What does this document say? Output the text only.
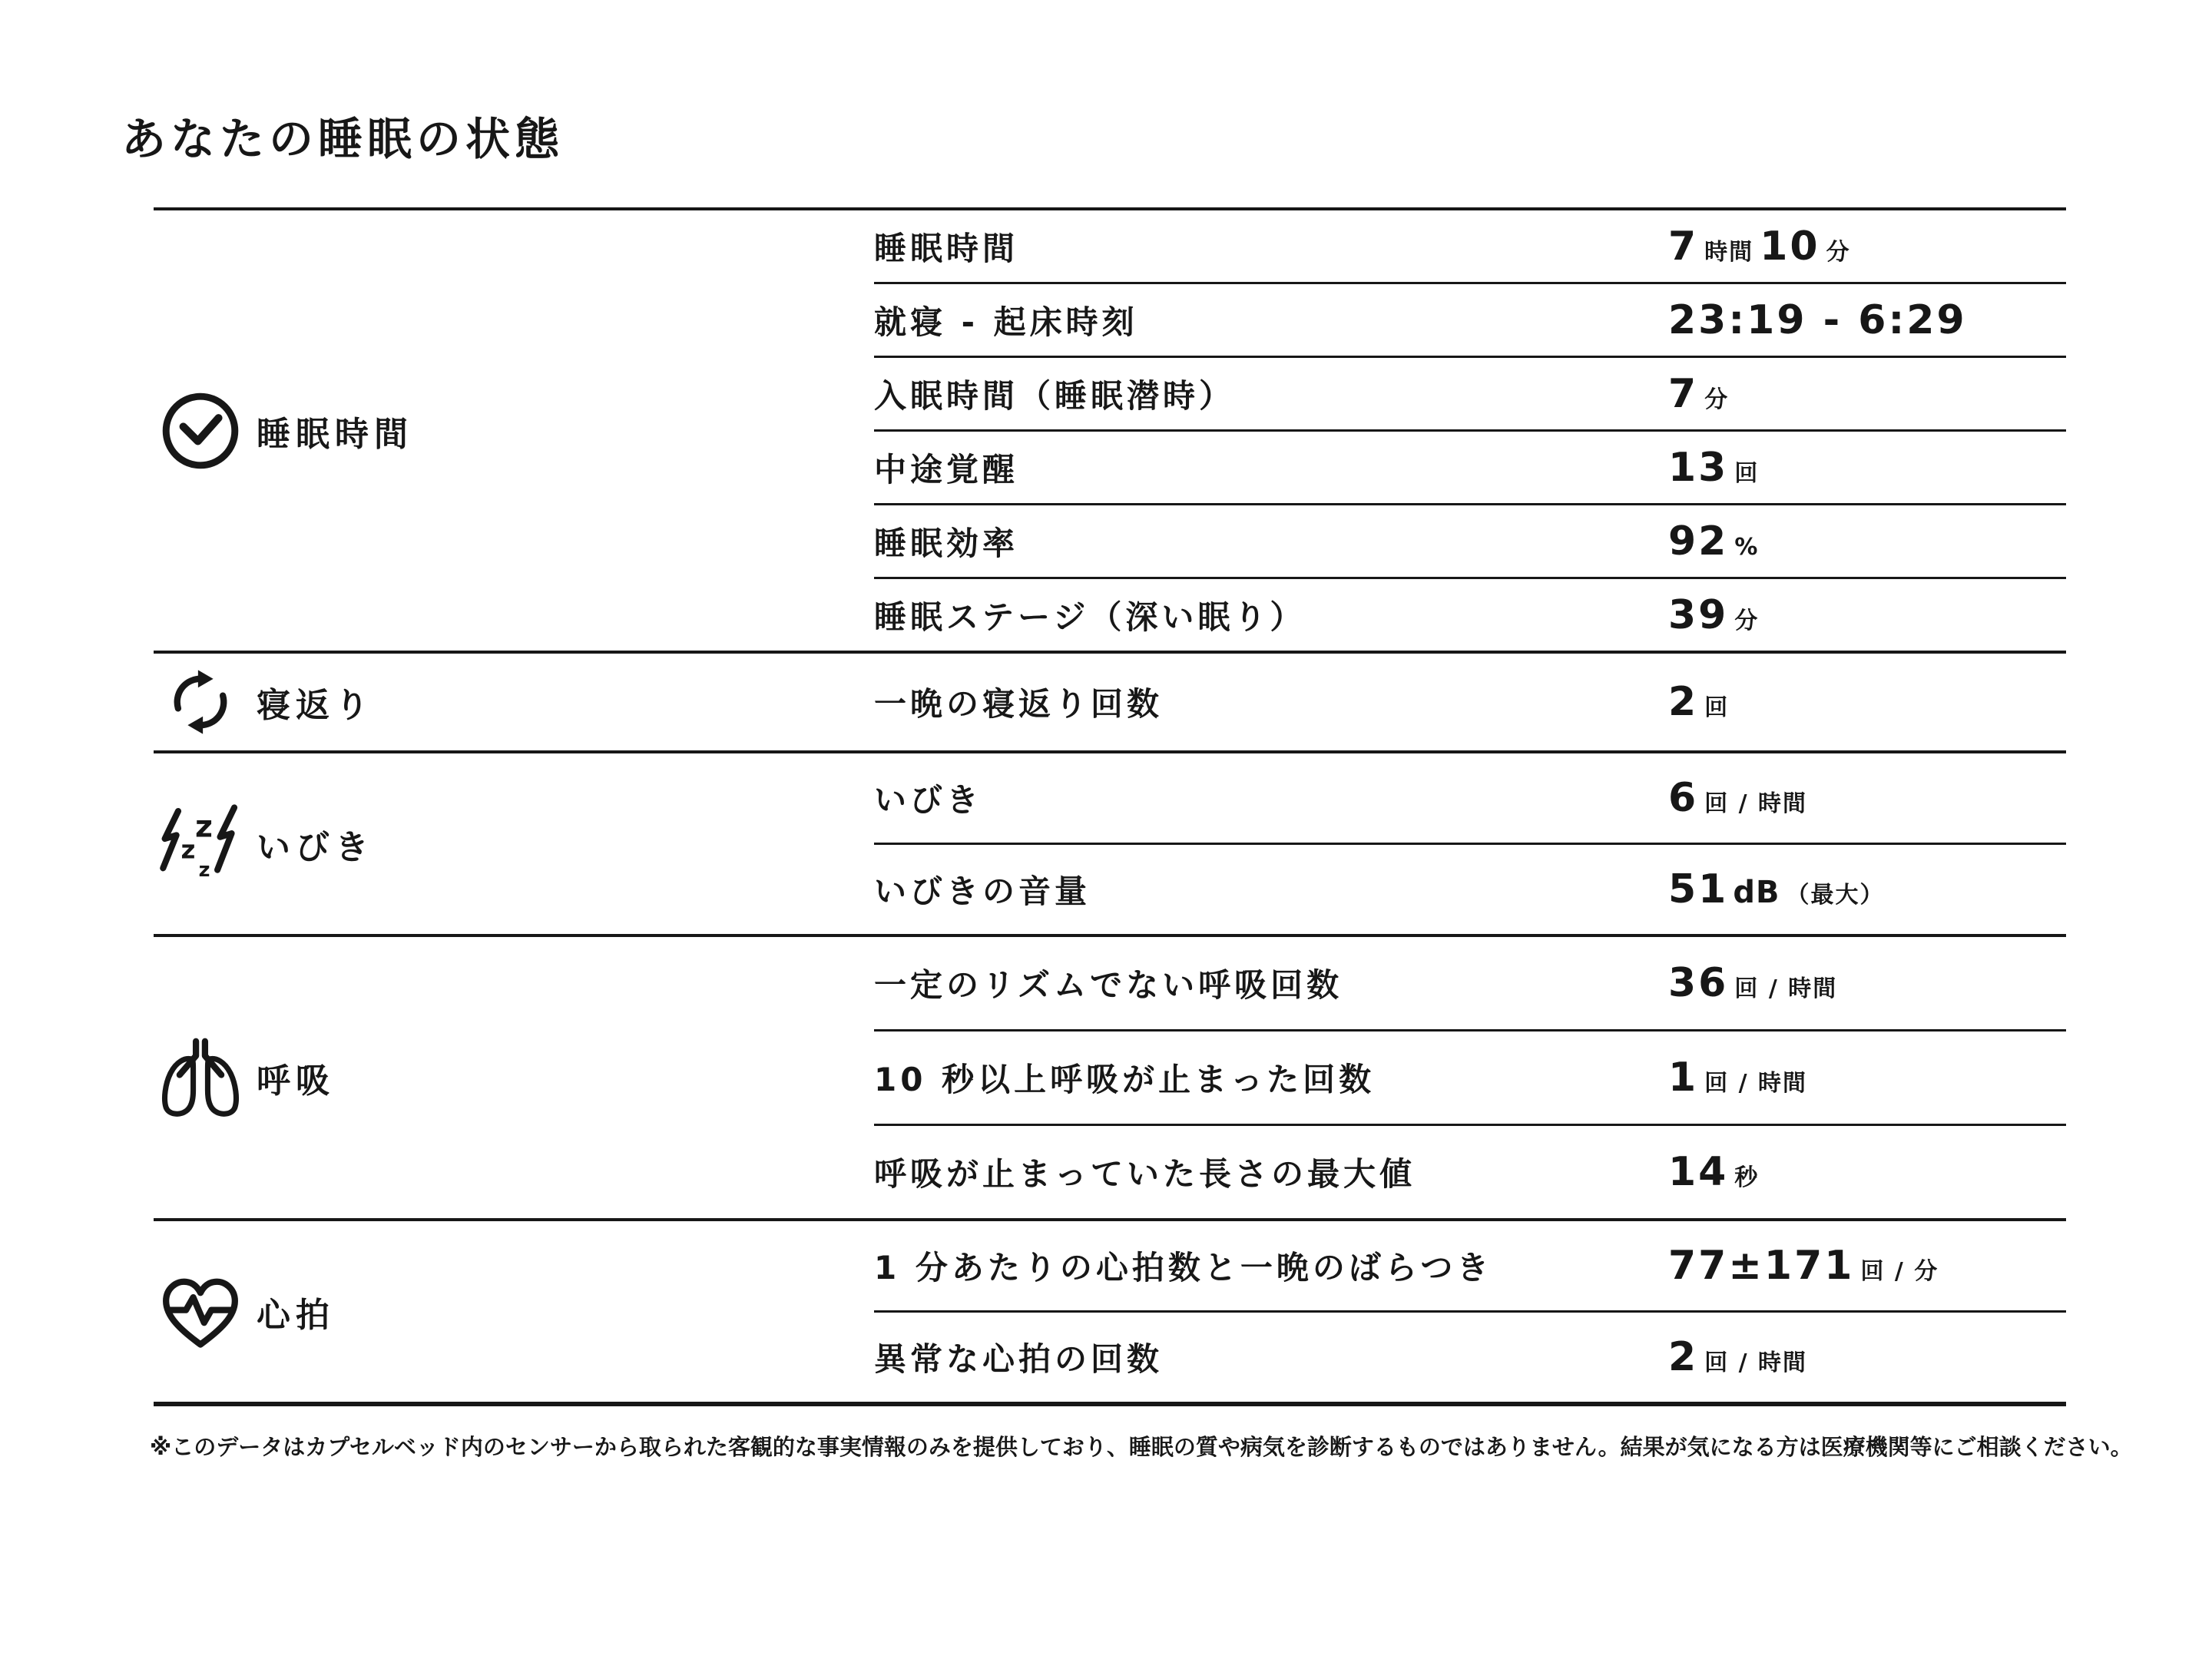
あなたの睡眠の状態
睡眠時間
睡眠時間	7 時間 10 分
就寝 - 起床時刻	23:19 - 6:29
入眠時間（睡眠潜時）	7 分
中途覚醒	13 回
睡眠効率	92 %
睡眠ステージ（深い眠り）	39 分
寝返り	一晩の寝返り回数	2 回
z
z
z
いびき
いびき	6 回 / 時間
いびきの音量	51 dB （最大）
呼吸
一定のリズムでない呼吸回数	36 回 / 時間
10 秒以上呼吸が止まった回数	1 回 / 時間
呼吸が止まっていた長さの最大値	14 秒
心拍
1 分あたりの心拍数と一晩のばらつき	77±171 回 / 分
異常な心拍の回数	2 回 / 時間
※このデータはカプセルベッド内のセンサーから取られた客観的な事実情報のみを提供しており、睡眠の質や病気を診断するものではありません。結果が気になる方は医療機関等にご相談ください。
